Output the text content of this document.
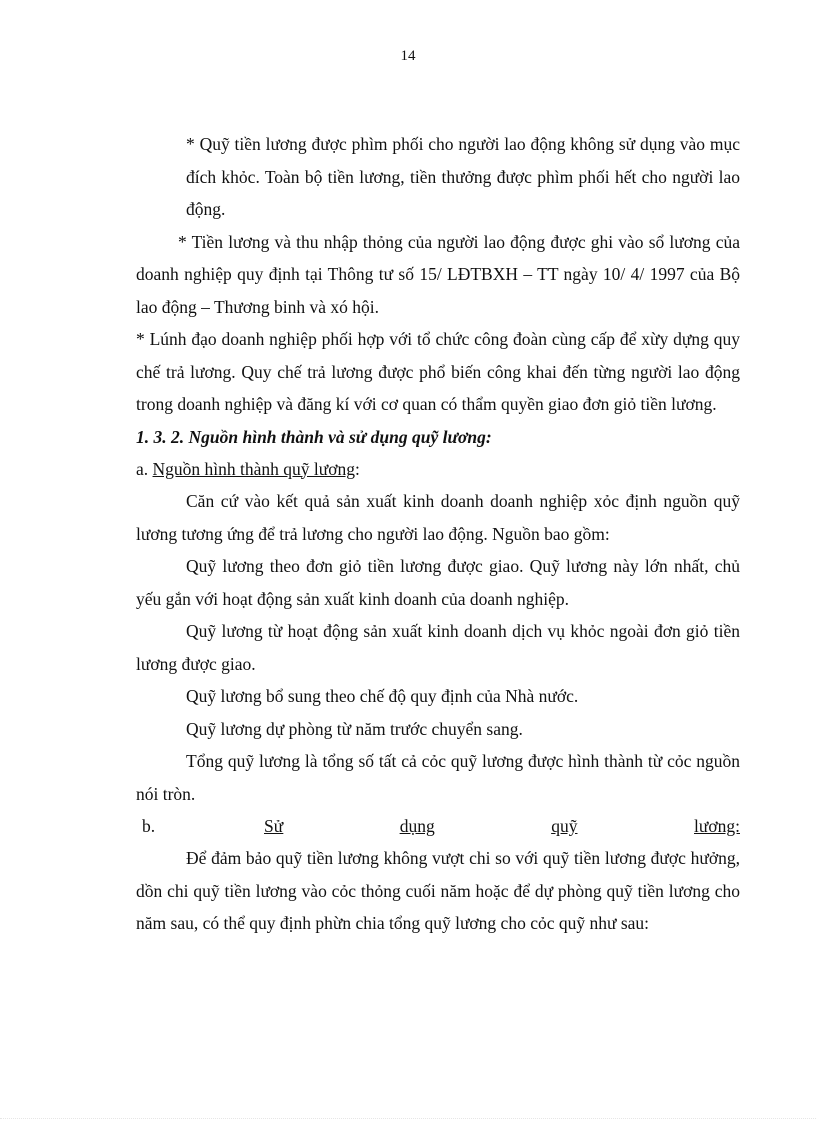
14

* Quỹ tiền lương được phìm phối cho người lao động không sử dụng vào mục đích khỏc. Toàn bộ tiền lương, tiền thưởng được phìm phối hết cho người lao động.

* Tiền lương và thu nhập thỏng của người lao động được ghi vào sổ lương của doanh nghiệp quy định tại Thông tư số 15/ LĐTBXH – TT ngày 10/ 4/ 1997 của Bộ lao động – Thương binh và xó hội.

* Lúnh đạo doanh nghiệp phối hợp với tổ chức công đoàn cùng cấp để xừy dựng quy chế trả lương. Quy chế trả lương được phổ biến công khai đến từng người lao động trong doanh nghiệp và đăng kí với cơ quan có thẩm quyền giao đơn giỏ tiền lương.

1. 3. 2. Nguồn hình thành và sử dụng quỹ lương:

a. Nguồn hình thành quỹ lương:

Căn cứ vào kết quả sản xuất kinh doanh doanh nghiệp xỏc định nguồn quỹ lương tương ứng để trả lương cho người lao động. Nguồn bao gồm:

Quỹ lương theo đơn giỏ tiền lương được giao. Quỹ lương này lớn nhất, chủ yếu gắn với hoạt động sản xuất kinh doanh của doanh nghiệp.

Quỹ lương từ hoạt động sản xuất kinh doanh dịch vụ khỏc ngoài đơn giỏ tiền lương được giao.

Quỹ lương bổ sung theo chế độ quy định của Nhà nước.

Quỹ lương dự phòng từ năm trước chuyển sang.

Tổng quỹ lương là tổng số tất cả cỏc quỹ lương được hình thành từ cỏc nguồn nói tròn.

b.	Sử	dụng	quỹ	lương:

Để đảm bảo quỹ tiền lương không vượt chi so với quỹ tiền lương được hưởng, dồn chi quỹ tiền lương vào cỏc thỏng cuối năm hoặc để dự phòng quỹ tiền lương cho năm sau, có thể quy định phừn chia tổng quỹ lương cho cỏc quỹ như sau:
